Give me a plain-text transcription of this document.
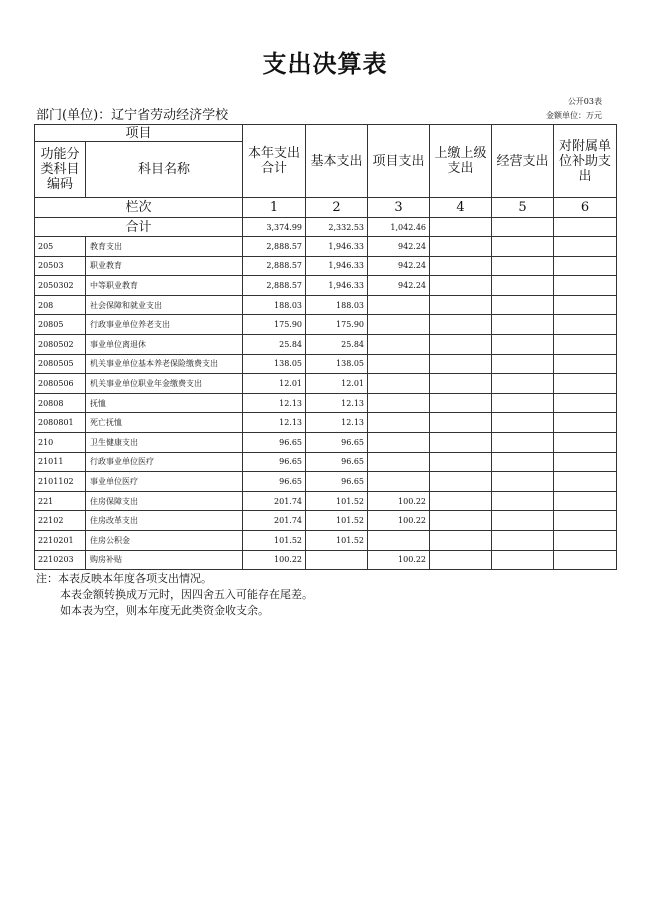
支出决算表
公开03表
金额单位：万元
部门(单位)：辽宁省劳动经济学校
项目		本年支出合计	基本支出	项目支出	上缴上级支出	经营支出	对附属单位补助支出
功能分类科目编码	科目名称						
栏次		1	2	3	4	5	6
合计		3,374.99	2,332.53	1,042.46			
205	教育支出	2,888.57	1,946.33	942.24			
20503	职业教育	2,888.57	1,946.33	942.24			
2050302	中等职业教育	2,888.57	1,946.33	942.24			
208	社会保障和就业支出	188.03	188.03				
20805	行政事业单位养老支出	175.90	175.90				
2080502	事业单位离退休	25.84	25.84				
2080505	机关事业单位基本养老保险缴费支出	138.05	138.05				
2080506	机关事业单位职业年金缴费支出	12.01	12.01				
20808	抚恤	12.13	12.13				
2080801	死亡抚恤	12.13	12.13				
210	卫生健康支出	96.65	96.65				
21011	行政事业单位医疗	96.65	96.65				
2101102	事业单位医疗	96.65	96.65				
221	住房保障支出	201.74	101.52	100.22			
22102	住房改革支出	201.74	101.52	100.22			
2210201	住房公积金	101.52	101.52				
2210203	购房补贴	100.22		100.22			
注：本表反映本年度各项支出情况。
本表金额转换成万元时，因四舍五入可能存在尾差。
如本表为空，则本年度无此类资金收支余。
